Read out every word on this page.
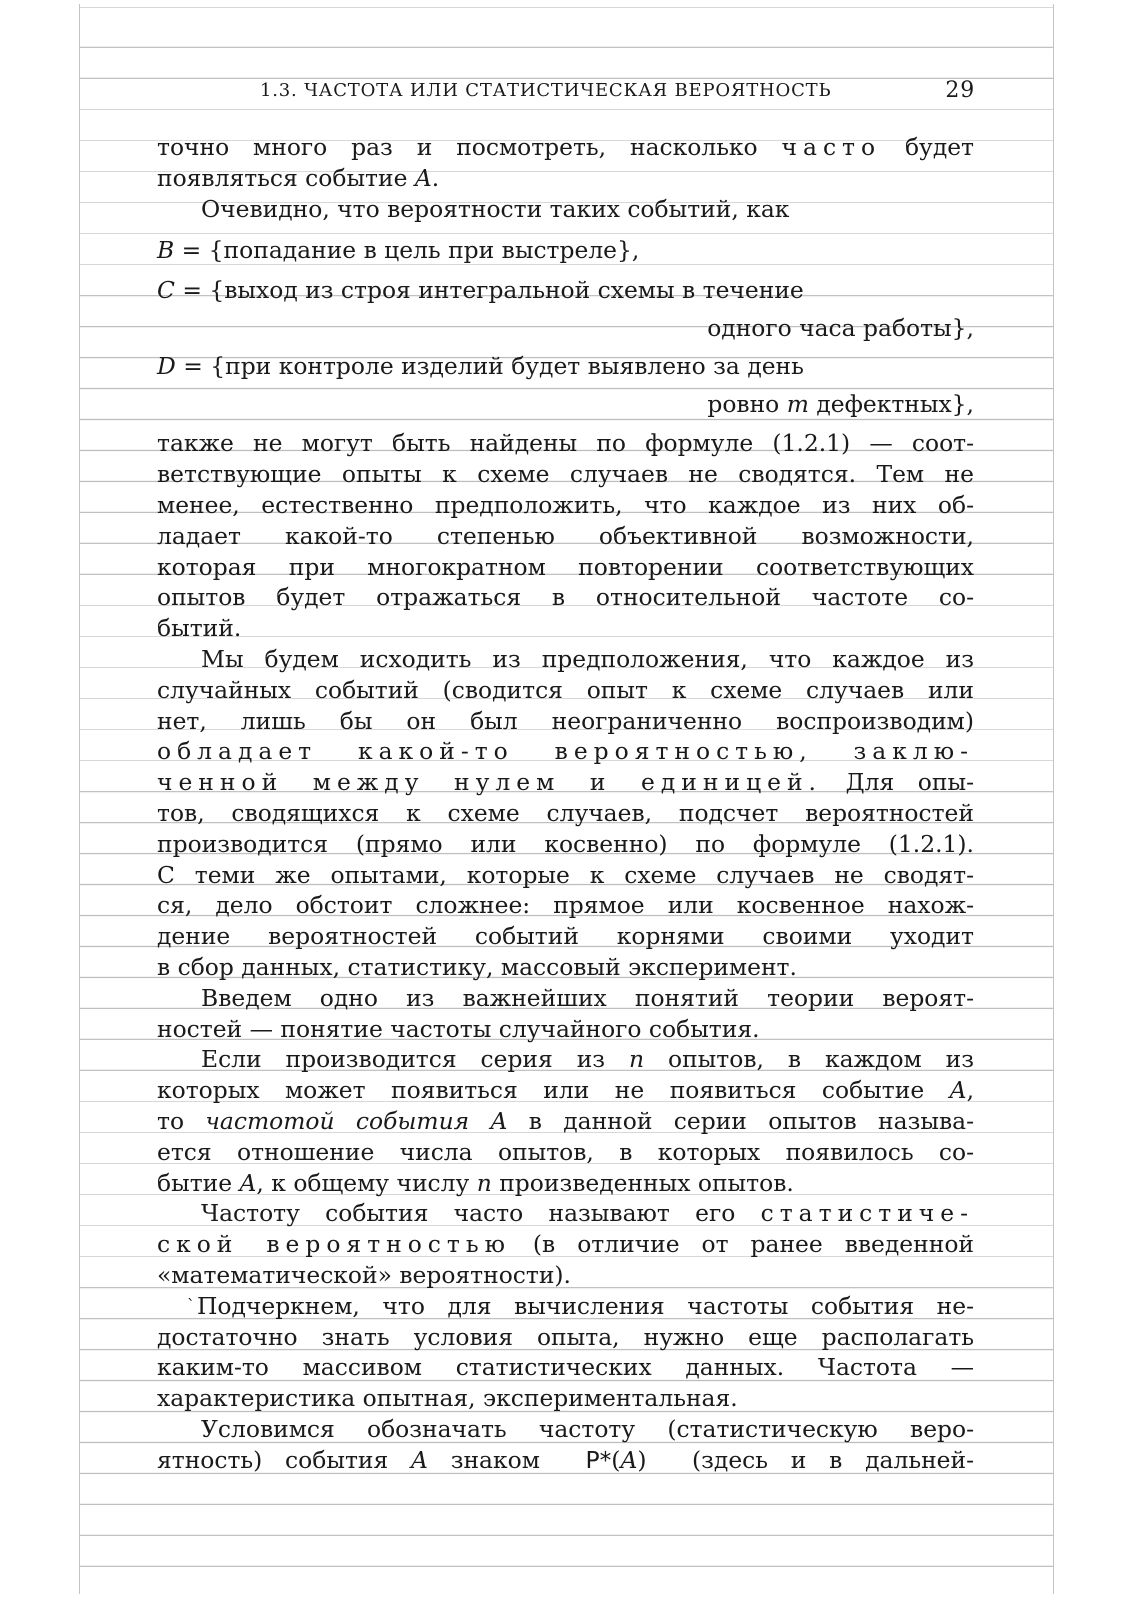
1.3. ЧАСТОТА ИЛИ СТАТИСТИЧЕСКАЯ ВЕРОЯТНОСТЬ	29
точно много раз и посмотреть, насколько часто будет
появляться событие A.
Очевидно, что вероятности таких событий, как
B = {попадание в цель при выстреле},
C = {выход из строя интегральной схемы в течение
одного часа работы},
D = {при контроле изделий будет выявлено за день
ровно m дефектных},
также не могут быть найдены по формуле (1.2.1) — соот-
ветствующие опыты к схеме случаев не сводятся. Тем не
менее, естественно предположить, что каждое из них об-
ладает какой-то степенью объективной возможности,
которая при многократном повторении соответствующих
опытов будет отражаться в относительной частоте со-
бытий.
Мы будем исходить из предположения, что каждое из
случайных событий (сводится опыт к схеме случаев или
нет, лишь бы он был неограниченно воспроизводим)
обладает какой-то вероятностью, заклю-
ченной между нулем и единицей. Для опы-
тов, сводящихся к схеме случаев, подсчет вероятностей
производится (прямо или косвенно) по формуле (1.2.1).
С теми же опытами, которые к схеме случаев не сводят-
ся, дело обстоит сложнее: прямое или косвенное нахож-
дение вероятностей событий корнями своими уходит
в сбор данных, статистику, массовый эксперимент.
Введем одно из важнейших понятий теории вероят-
ностей — понятие частоты случайного события.
Если производится серия из n опытов, в каждом из
которых может появиться или не появиться событие A,
то частотой события A в данной серии опытов называ-
ется отношение числа опытов, в которых появилось со-
бытие A, к общему числу n произведенных опытов.
Частоту события часто называют его статистиче-
ской вероятностью (в отличие от ранее введенной
«математической» вероятности).
`Подчеркнем, что для вычисления частоты события не-
достаточно знать условия опыта, нужно еще располагать
каким-то массивом статистических данных. Частота —
характеристика опытная, экспериментальная.
Условимся обозначать частоту (статистическую веро-
ятность) события A знаком  P*(A)  (здесь и в дальней-
